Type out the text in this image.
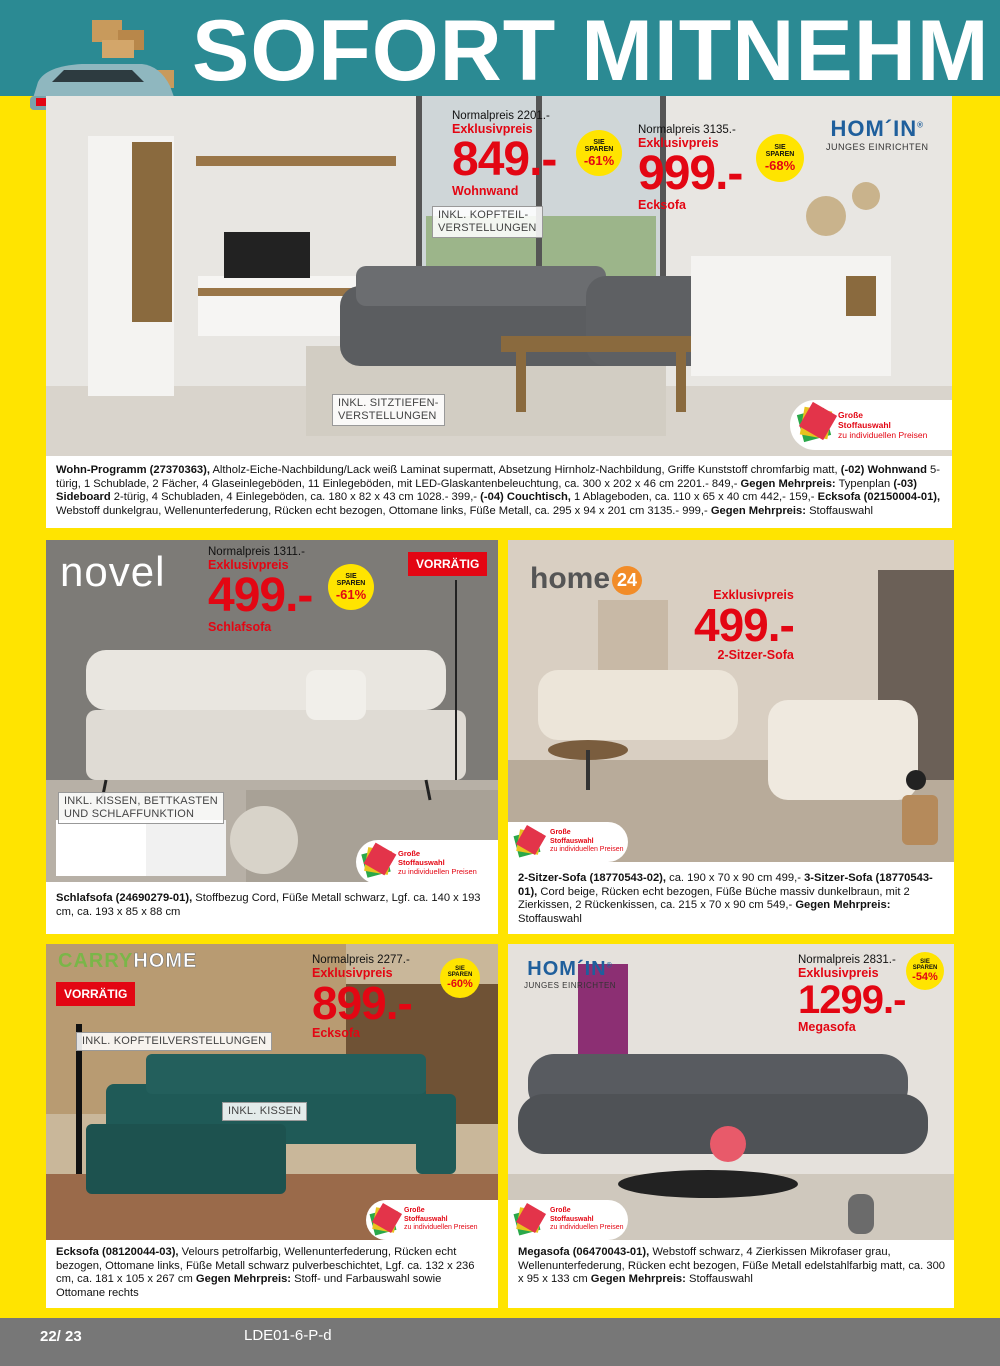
SOFORT MITNEHM
Normalpreis 2201.-
Exklusivpreis
849.-
Wohnwand
SIE
SPAREN
-61%
Normalpreis 3135.-
Exklusivpreis
999.-
Ecksofa
SIE
SPAREN
-68%
HOM´IN®
JUNGES EINRICHTEN
INKL. KOPFTEIL-
VERSTELLUNGEN
INKL. SITZTIEFEN-
VERSTELLUNGEN	Große
Stoffauswahl
zu individuellen Preisen
Wohn-Programm (27370363), Altholz-Eiche-Nachbildung/Lack weiß Laminat supermatt, Absetzung Hirnholz-Nachbildung, Griffe Kunststoff chromfarbig matt, (-02) Wohnwand 5-türig, 1 Schublade, 2 Fächer, 4 Glaseinlegeböden, 11 Einlegeböden, mit LED-Glaskantenbeleuchtung, ca. 300 x 202 x 46 cm 2201.- 849,- Gegen Mehrpreis: Typenplan (-03) Sideboard 2-türig, 4 Schubladen, 4 Einlegeböden, ca. 180 x 82 x 43 cm 1028.- 399,- (-04) Couchtisch, 1 Ablageboden, ca. 110 x 65 x 40 cm 442,- 159,- Ecksofa (02150004-01), Webstoff dunkelgrau, Wellenunterfederung, Rücken echt bezogen, Ottomane links, Füße Metall, ca. 295 x 94 x 201 cm 3135.- 999,- Gegen Mehrpreis: Stoffauswahl
novel	Normalpreis 1311.-
Exklusivpreis
499.-
Schlafsofa
SIE
SPAREN
-61%
VORRÄTIG
INKL. KISSEN, BETTKASTEN
UND SCHLAFFUNKTION
Große
Stoffauswahl
zu individuellen Preisen
Schlafsofa (24690279-01), Stoffbezug Cord, Füße Metall schwarz, Lgf. ca. 140 x 193 cm, ca. 193 x 85 x 88 cm
home 24
Exklusivpreis
499.-
2-Sitzer-Sofa
Große
Stoffauswahl
zu individuellen Preisen
2-Sitzer-Sofa (18770543-02), ca. 190 x 70 x 90 cm 499,- 3-Sitzer-Sofa (18770543-01), Cord beige, Rücken echt bezogen, Füße Büche massiv dunkelbraun, mit 2 Zierkissen, 2 Rückenkissen, ca. 215 x 70 x 90 cm 549,- Gegen Mehrpreis: Stoffauswahl
CARRYHOME
VORRÄTIG
Normalpreis 2277.-
Exklusivpreis
899.-
Ecksofa
SIE
SPAREN
-60%
INKL. KOPFTEILVERSTELLUNGEN
INKL. KISSEN
Große
Stoffauswahl
zu individuellen Preisen
Ecksofa (08120044-03), Velours petrolfarbig, Wellenunterfederung, Rücken echt bezogen, Ottomane links, Füße Metall schwarz pulverbeschichtet, Lgf. ca. 132 x 236 cm, ca. 181 x 105 x 267 cm Gegen Mehrpreis: Stoff- und Farbauswahl sowie Ottomane rechts
HOM´IN®
JUNGES EINRICHTEN
Normalpreis 2831.-
Exklusivpreis
1299.-
Megasofa
SIE
SPAREN
-54%
Große
Stoffauswahl
zu individuellen Preisen
Megasofa (06470043-01), Webstoff schwarz, 4 Zierkissen Mikrofaser grau, Wellenunterfederung, Rücken echt bezogen, Füße Metall edelstahlfarbig matt, ca. 300 x 95 x 133 cm Gegen Mehrpreis: Stoffauswahl
22/ 23	LDE01-6-P-d
